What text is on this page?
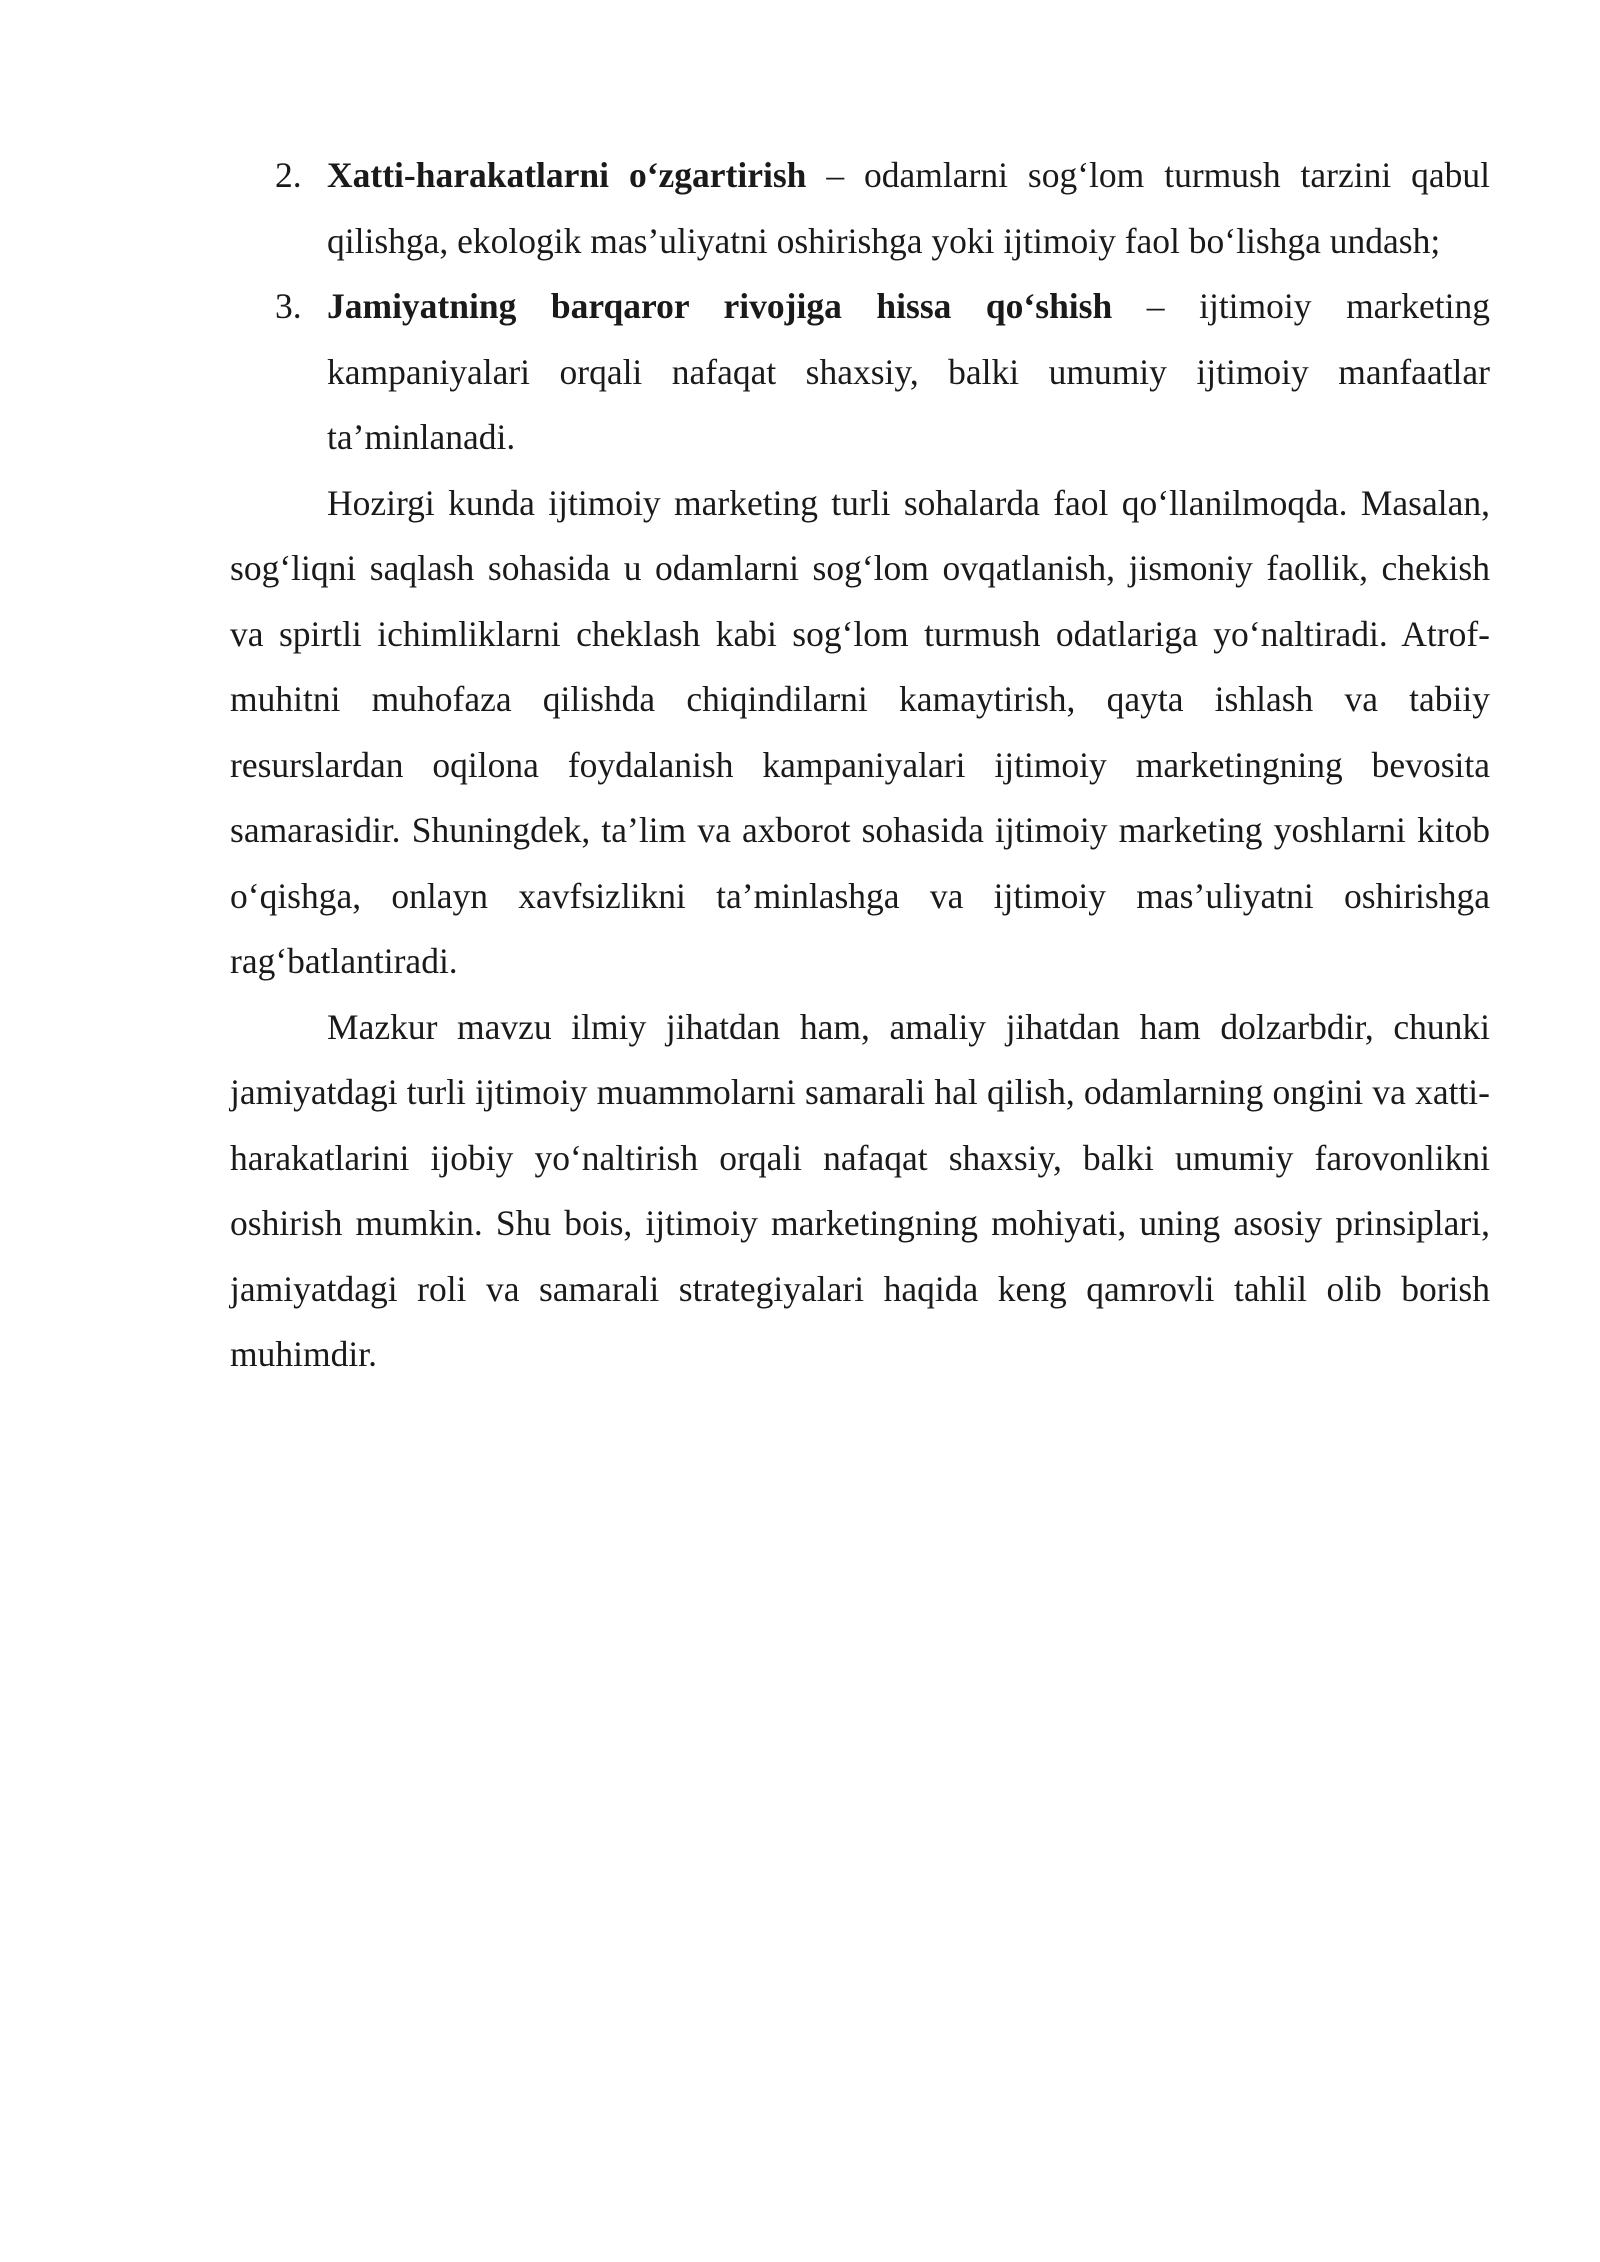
2. Xatti-harakatlarni o‘zgartirish – odamlarni sog‘lom turmush tarzini qabul qilishga, ekologik mas’uliyatni oshirishga yoki ijtimoiy faol bo‘lishga undash;
3. Jamiyatning barqaror rivojiga hissa qo‘shish – ijtimoiy marketing kampaniyalari orqali nafaqat shaxsiy, balki umumiy ijtimoiy manfaatlar ta’minlanadi.

Hozirgi kunda ijtimoiy marketing turli sohalarda faol qo‘llanilmoqda. Masalan, sog‘liqni saqlash sohasida u odamlarni sog‘lom ovqatlanish, jismoniy faollik, chekish va spirtli ichimliklarni cheklash kabi sog‘lom turmush odatlariga yo‘naltiradi. Atrof-muhitni muhofaza qilishda chiqindilarni kamaytirish, qayta ishlash va tabiiy resurslardan oqilona foydalanish kampaniyalari ijtimoiy marketingning bevosita samarasidir. Shuningdek, ta’lim va axborot sohasida ijtimoiy marketing yoshlarni kitob o‘qishga, onlayn xavfsizlikni ta’minlashga va ijtimoiy mas’uliyatni oshirishga rag‘batlantiradi.

Mazkur mavzu ilmiy jihatdan ham, amaliy jihatdan ham dolzarbdir, chunki jamiyatdagi turli ijtimoiy muammolarni samarali hal qilish, odamlarning ongini va xatti-harakatlarini ijobiy yo‘naltirish orqali nafaqat shaxsiy, balki umumiy farovonlikni oshirish mumkin. Shu bois, ijtimoiy marketingning mohiyati, uning asosiy prinsiplari, jamiyatdagi roli va samarali strategiyalari haqida keng qamrovli tahlil olib borish muhimdir.
